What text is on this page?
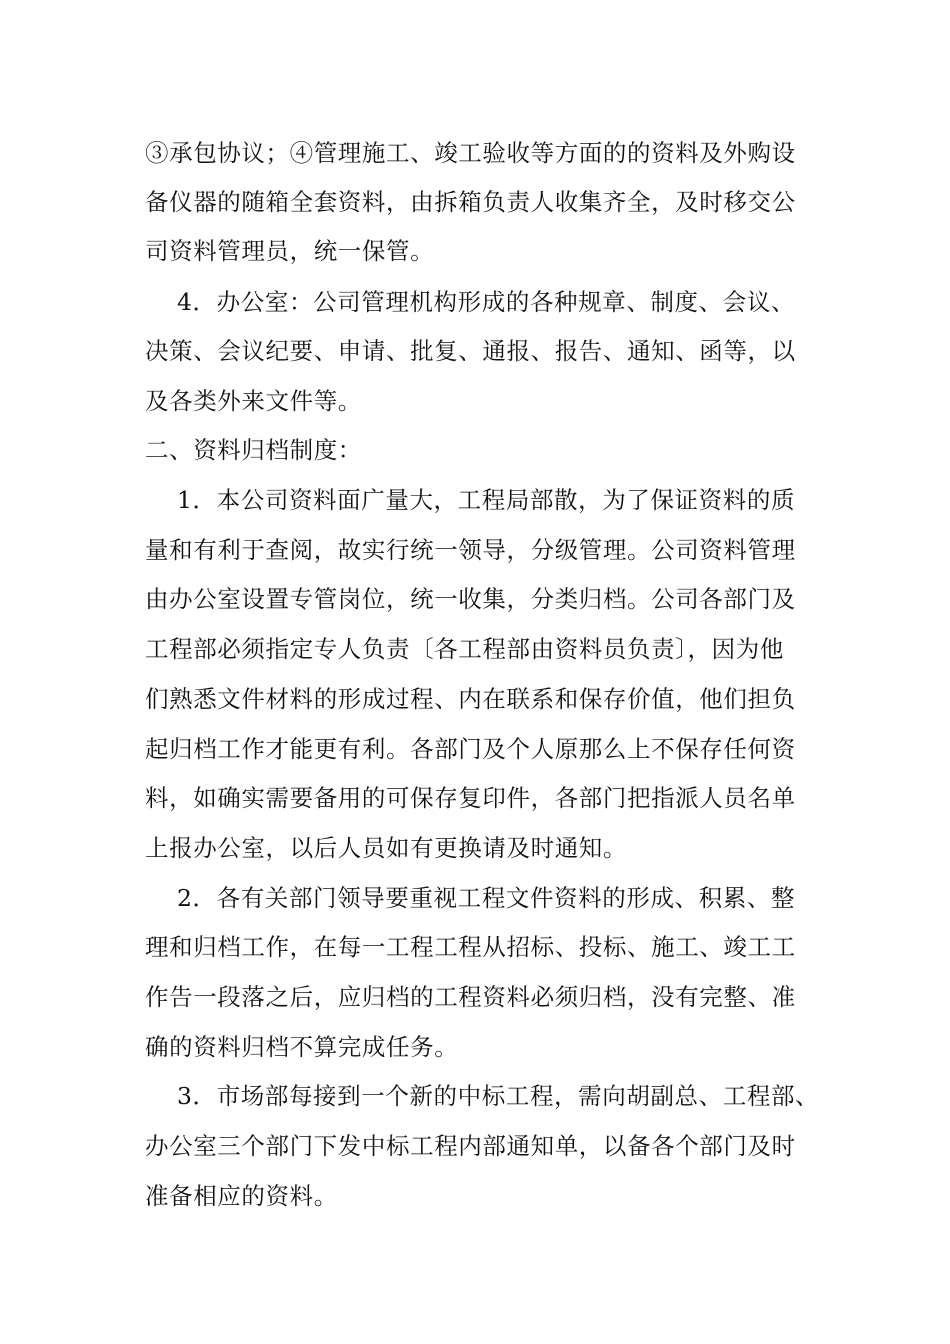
③承包协议；④管理施工、竣工验收等方面的的资料及外购设
备仪器的随箱全套资料，由拆箱负责人收集齐全，及时移交公
司资料管理员，统一保管。
4．办公室：公司管理机构形成的各种规章、制度、会议、
决策、会议纪要、申请、批复、通报、报告、通知、函等，以
及各类外来文件等。
二、资料归档制度：
1．本公司资料面广量大，工程局部散，为了保证资料的质
量和有利于查阅，故实行统一领导，分级管理。公司资料管理
由办公室设置专管岗位，统一收集，分类归档。公司各部门及
工程部必须指定专人负责〔各工程部由资料员负责〕，因为他
们熟悉文件材料的形成过程、内在联系和保存价值，他们担负
起归档工作才能更有利。各部门及个人原那么上不保存任何资
料，如确实需要备用的可保存复印件，各部门把指派人员名单
上报办公室，以后人员如有更换请及时通知。
2．各有关部门领导要重视工程文件资料的形成、积累、整
理和归档工作，在每一工程工程从招标、投标、施工、竣工工
作告一段落之后，应归档的工程资料必须归档，没有完整、准
确的资料归档不算完成任务。
3．市场部每接到一个新的中标工程，需向胡副总、工程部、
办公室三个部门下发中标工程内部通知单，以备各个部门及时
准备相应的资料。
